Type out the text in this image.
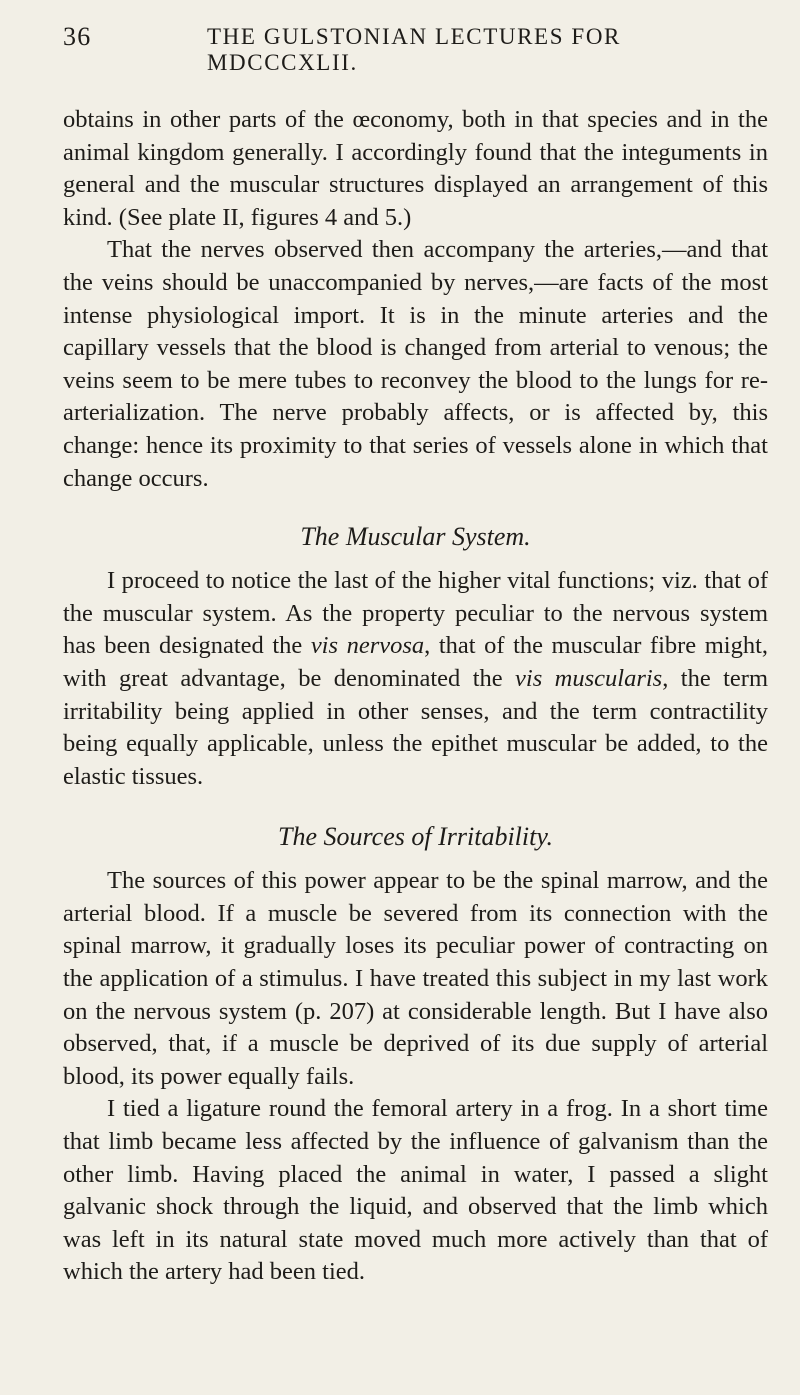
36	THE GULSTONIAN LECTURES FOR MDCCCXLII.

obtains in other parts of the œconomy, both in that species and in the animal kingdom generally. I accordingly found that the integuments in general and the muscular structures displayed an arrangement of this kind. (See plate II, figures 4 and 5.)

That the nerves observed then accompany the arteries,—and that the veins should be unaccompanied by nerves,—are facts of the most intense physiological import. It is in the minute arteries and the capillary vessels that the blood is changed from arterial to venous; the veins seem to be mere tubes to reconvey the blood to the lungs for re-arterialization. The nerve probably affects, or is affected by, this change: hence its proximity to that series of vessels alone in which that change occurs.

The Muscular System.

I proceed to notice the last of the higher vital functions; viz. that of the muscular system. As the property peculiar to the nervous system has been designated the vis nervosa, that of the muscular fibre might, with great advantage, be denominated the vis muscularis, the term irritability being applied in other senses, and the term contractility being equally applicable, unless the epithet muscular be added, to the elastic tissues.

The Sources of Irritability.

The sources of this power appear to be the spinal marrow, and the arterial blood. If a muscle be severed from its connection with the spinal marrow, it gradually loses its peculiar power of contracting on the application of a stimulus. I have treated this subject in my last work on the nervous system (p. 207) at considerable length. But I have also observed, that, if a muscle be deprived of its due supply of arterial blood, its power equally fails.

I tied a ligature round the femoral artery in a frog. In a short time that limb became less affected by the influence of galvanism than the other limb. Having placed the animal in water, I passed a slight galvanic shock through the liquid, and observed that the limb which was left in its natural state moved much more actively than that of which the artery had been tied.
